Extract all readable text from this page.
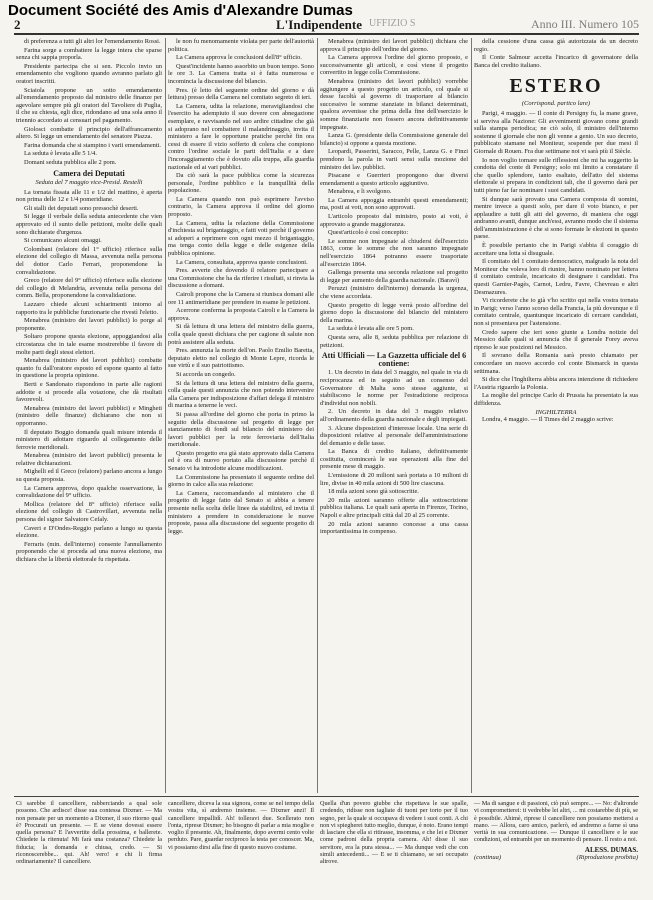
Document Société des Amis d'Alexandre Dumas
2	L'Indipendente UFFIZIO S	Anno III. Numero 105

di preferenza a tutti gli altri lor l'emendamento Rossi.

Farina sorge a combattere la legge intera che sparse senza chi sappia proporla.

Presidente partecipa che si sen. Piccolo invio un emendamento che vogliono quando avranno parlato gli oratori inscritti.

Sciaiola propone un sotto emendamento all'emendamento proposto dal ministro delle finanze per agevolare sempre più gli oratori del Tavoliere di Puglia, il che su chiesta, egli dice, ridondano ad una sola anno il triennio accordato ai censuari pel pagamento.

Giolosci combatte il principio dell'affrancamento altero. Si legge un emendamento del senatore Piazza.

Farina domanda che si stampino i varii emendamenti.

La seduta è levata alle 5 1/4.

Domani seduta pubblica alle 2 pom.

Camera dei Deputati
Seduta del 7 maggio vice-Presid. Restelli

La tornata fissata alle 11 e 1/2 del mattino, è aperta non prima delle 12 e 1/4 pomeridiane.

Gli stalli dei deputati sono pressochè deserti.

Si legge il verbale della seduta antecedente che vien approvato ed il sunto delle petizioni, molte delle quali sono dichiarate d'urgenza.

Si comunicano alcuni omaggi.

Colombani (relatore del 1° ufficio) riferisce sulla elezione del collegio di Massa, avvenuta nella persona del dottor Carlo Ferrari, proponendone la convalidazione.

Greco (relatore del 9° ufficio) riferisce sulla elezione del collegio di Melandria, avvenuta nella persona del comm. Bella, proponendone la convalidazione.

Lazzaro chiede alcuni schiarimenti intorno al rapporto tra le pubbliche funzionarie che rivestì l'eletto.

Menabrea (ministro dei lavori pubblici) lo porge al proponente.

Soltaro propone questa elezione, appoggiandosi alla circostanza che in tale esame mostrerebbe il favore di molte parti degli stessi elettori.

Menabrea (ministro dei lavori pubblici) combatte quanto fu dall'oratore esposto ed espone quanto al fatto in questione la propria opinione.

Berti e Sandonato rispondono in parte alle ragioni addotte e si procede alla votazione, che dà risultati favorevoli.

Menabrea (ministro dei lavori pubblici) e Mingheti (ministro delle finanze) dichiarano che non si opporranno.

Il deputato Boggio domanda quali misure intenda il ministero di adottare riguardo al collegamento delle ferrovie meridionali.

Menabrea (ministro dei lavori pubblici) presenta le relative dichiarazioni.

Mighelli ed il Greco (relatore) parlano ancora a lungo su questa proposta.

La Camera approva, dopo qualche osservazione, la convalidazione del 9° ufficio.

Mollica (relatore del 8° ufficio) riferisce sulla elezione del collegio di Castrovillari, avvenuta nella persona del signor Salvatore Cefaly.

Caveri e D'Ondes-Reggio parlano a lungo su questa elezione.

Ferraris (min. dell'interno) consente l'annullamento proponendo che si proceda ad una nuova elezione, ma dichiara che la libertà elettorale fu rispettata.

le non fu menomamente violata per parte dell'autorità politica.

La Camera approva le conclusioni dell'8° ufficio.

Quest'incidente hanno assorbito un buon tempo. Sono le ore 3. La Camera tratta si è fatta numerosa e incomincia la discussione del bilancio.

Pres. (è letto del seguente ordine del giorno e dà lettura) presso della Camera nel comitato segreto di ieri.

La Camera, udita la relazione, meravigliandosi che l'esercito ha adempiuto il suo dovere con abnegazione esemplare, e ravvisando nel suo ardire cittadine che già si adoprano nel combattere il malandrinaggio, invita il ministero a fare le opportune pratiche perchè fin ora cessi di essere il vizio sofferto di colera che compiono contro l'ordine sociale le parti dell'Italia e a dare l'incoraggiamento che è dovuto alla truppa, alla guardia nazionale ed ai vari pubblici.

Da ciò sarà la pace pubblica come la sicurezza personale, l'ordine pubblico e la tranquillità della popolazione.

La Camera quando non può esprimere l'avviso contrario, la Camera approva il ordine del giorno proposto.

La Camera, udita la relazione della Commissione d'inchiesta sul brigantaggio, e fatti voti perchè il governo si adoperi a reprimere con ogni mezzo il brigantaggio, ma tenga conto della legge e delle esigenze della pubblica opinione.

La Camera, consultata, approva queste conclusioni.

Pres. avverte che dovendo il relatore partecipare a una Commissione che ha da riferire i risultati, si rinvia la discussione a domani.

Cairoli propone che la Camera si riunisca domani alle ore 11 antimeridiane per prendere in esame le petizioni.

Acerrone conferma la proposta Cairoli e la Camera la approva.

Si dà lettura di una lettera del ministro della guerra, colla quale questi dichiara che per cagione di salute non potrà assistere alla seduta.

Pres. annunzia la morte dell'on. Paolo Emilio Baretta, deputato eletto nel collegio di Monte Lepre, ricorda le sue virtù e il suo patriottismo.

Si accorda un congedo.

Si da lettura di una lettera del ministro della guerra, colla quale questi annunzia che non potendo intervenire alla Camera per indisposizione d'affari delega il ministro di marina a tenerne le veci.

Si passa all'ordine del giorno che porta in primo la seguito della discussione sul progetto di legge per stanziamento di fondi sul bilancio del ministero dei lavori pubblici per la rete ferroviaria dell'Italia meridionale.

Questo progetto era già stato approvato dalla Camera ed è ora di nuovo portato alla discussione perchè il Senato vi ha introdotte alcune modificazioni.

La Commissione ha presentato il seguente ordine del giorno in calce alla sua relazione:

La Camera, raccomandando al ministero che il progetto di legge fatto dal Senato si abbia a tenere presente nella scelta delle linee da stabilirsi, ed invita il ministero a prendere in considerazione le nuove proposte, passa alla discussione del seguente progetto di legge.

Menabrea (ministro dei lavori pubblici) dichiara che approva il principio dell'ordine del giorno.

La Camera approva l'ordine del giorno proposto, e successivamente gli articoli, e così viene il progetto convertito in legge colla Commissione.

Menabrea (ministro dei lavori pubblici) vorrebbe aggiungere a questo progetto un articolo, col quale si desse facoltà al governo di trasportare al bilancio successivo le somme stanziate in bilanci determinati, qualora avvenisse che prima della fine dell'esercizio le somme finanziarie non fossero ancora definitivamente impegnate.

Lanza G. (presidente della Commissione generale del bilancio) si oppone a questa mozione.

Leopardi, Passerini, Saracco, Pelle, Lanza G. e Finzi prendono la parola in varii sensi sulla mozione del ministro dei lav. pubblici.

Pisacane e Guerrieri propongono due diversi emendamenti a questo articolo aggiuntivo.

Menabrea, e li svolgono.

La Camera appoggia entrambi questi emendamenti; ma, posti ai voti, non sono approvati.

L'articolo proposto dal ministro, posto ai voti, è approvato a grande maggioranza.

Quest'articolo è così concepito:

Le somme non impegnate al chiudersi dell'esercizio 1863, come le somme che non saranno impegnate nell'esercizio 1864 potranno essere trasportate all'esercizio 1864.

Gallenga presenta una seconda relazione sul progetto di legge per aumento della guardia nazionale. (Baravì)

Peruzzi (ministro dell'interno) domanda la urgenza, che viene accordata.

Questo progetto di legge verrà posto all'ordine del giorno dopo la discussione del bilancio del ministero della marina.

La seduta è levata alle ore 5 pom.

Questa sera, alle 8, seduta pubblica per relazione di petizioni.

Atti Ufficiali — La Gazzetta ufficiale del 6 contiene:

1. Un decreto in data del 3 maggio, nel quale in via di reciprocanza ed in seguito ad un consenso del Governatore di Malta sono stesse aggiunte, si stabiliscono le norme per l'estradizione reciproca d'individui non nobili.

2. Un decreto in data del 3 maggio relativo all'ordinamento della guardia nazionale e degli impiegati.

3. Alcune disposizioni d'interesse locale. Una serie di disposizioni relative al personale dell'amministrazione del demanio e delle tasse.

La Banca di credito italiano, definitivamente costituita, comincerà le sue operazioni alla fine del presente mese di maggio.

L'emissione di 20 milioni sarà portata a 10 milioni di lire, divise in 40 mila azioni di 500 lire ciascuna.

18 mila azioni sono già sottoscritte.

20 mila azioni saranno offerte alla sottoscrizione pubblica italiana. Le quali sarà aperta in Firenze, Torino, Napoli e altre principali città dal 20 al 25 corrente.

20 mila azioni saranno concesse a una cassa importantissima in compenso.

della cessione d'una cassa già autorizzata da un decreto regio.

Il Conte Salmour accetta l'incarico di governatore della Banca del credito italiano.

ESTERO
(Corrispond. partico lare)

Parigi, 4 maggio. — Il conte di Persigny fu, la mane grave, si serviva alla Nazione: Gli avvenimenti giovano come grandi sulla stampa periodica; ne ciò solo, il ministro dell'interno sostenne il giornale che non gli venne a genio. Un suo decreto, pubblicato stamane nel Moniteur, sospende per due mesi il Giornale di Rouen. Fra due settimane noi vi sarà più il Siècle.

Io non voglio tornare sulle riflessioni che mi ha suggerito la condotta del conte di Persigny; solo mi limito a constatare il che quello splendore, tanto esaltato, dell'atto del sistema elettorale si prepara in condizioni tali, che il governo darà per tutti pieno far far nominare i suoi candidati.

Si dunque sarà provato una Camera composta di uomini, mentre invece a questi solo, per dare il voto bianco, e per applaudire a tutti gli atti del governo, di maniera che oggi andranno avanti, dunque anch'essi, avranno modo che il sistema dell'amministrazione è che si sono formate le elezioni in questo paese.

È possibile pertanto che in Parigi s'abbia il coraggio di accettare una lotta sì disuguale.

Il comitato del 1 comitato democratico, malgrado la nota del Moniteur che voleva loro di riunire, hanno nominato per lettera il comitato centrale, incaricato di designare i candidati. Fra questi Garnier-Pagès, Carnot, Ledru, Favre, Chevreau e altri Desmazures.

Vi ricorderete che io già v'ho scritto qui nella vostra tornata in Parigi; verso l'anno scorso della Francia, la più dovunque e il comitato centrale, quantunque incaricato di cercare candidati, non si presentava per l'astensione.

Credo sapere che ieri sono giunte a Londra notizie del Messico dalle quali si annuncia che il generale Forey aveva ripreso le sue posizioni nel Messico.

Il sovrano della Romania sarà presto chiamato per concordare un nuovo accordo col conte Bismarck in questa settimana.

Si dice che l'Inghilterra abbia ancora intenzione di richiedere l'Austria riguardo la Polonia.

La moglie del principe Carlo di Prussia ha presentato la sua diffidenza.

INGHILTERRA

Londra, 4 maggio. — Il Times del 2 maggio scrive:

Ci sarebbe il cancelliere, rabberciando a qual sole possono. Che ardisce! disse sua contessa Dixmer. — Ma non pensate per un momento a Dixmer, il suo ritorno qual è? Procurati un presente. — E se viene dovessi essere quella persona? E l'avvertite della prossima, e ballerete. Chiedete la ritenuta! Mi farà una costanza? Chiedete la fiducia; la domanda e chiusa, credo. — Si riconoscerebbe... qui. Ah! vero! e chi li firma ordinariamente? Il cancelliere.

cancelliere, diceva la sua signora, come se nel tempo della vostra vita, sì andremo insieme. — Dixmer anzi! Il cancelliere impallidì. Ah! tolleravi due. Scellerato non l'onta, riprese Dixmer; ho bisogno di parlar a mia moglie e voglio il presente. Ah, finalmente, dopo avermi cento volte perduto. Pare, guardar reciproco la testa per conoscer. Ma, vi possiamo dirsi alla fine di questo nuovo costume.

Quella d'un povero giubbe che rispettava le sue spalle, credendo, ridisse non tagliate di tuoni per torto per il tuo segno, per la quale si occupava di vedere i suoi conti. A chi non vi spiegherei tutto meglio, dunque, è noto. Erano tempi di lasciare che ella si ritirasse, insomma, e che lei e Dixmer come padroni della propria camera. Ah! disse il suo servitore, era la pura stessa... — Ma dunque vedi che con simili antecedenti... — E se ti chiamano, se sei occupato altrove.

— Ma di sangue e di passioni, ciò può sempre... — No: d'altronde vi comprometterei: ti vedrebbe lei altri, ... mi costarebbe di più, se è possibile. Ahimè, riprese il cancelliere non possiamo mettersi a mano. — Allora, caro amico, parlerò, ed andremo a farne sì una verità in sua comunicazione. — Dunque il cancelliere e le sue condizioni, ed entrambi per un momento di pensare. Il resto a noi.

ALESS. DUMAS.
(continua)	(Riproduzione proibita)
